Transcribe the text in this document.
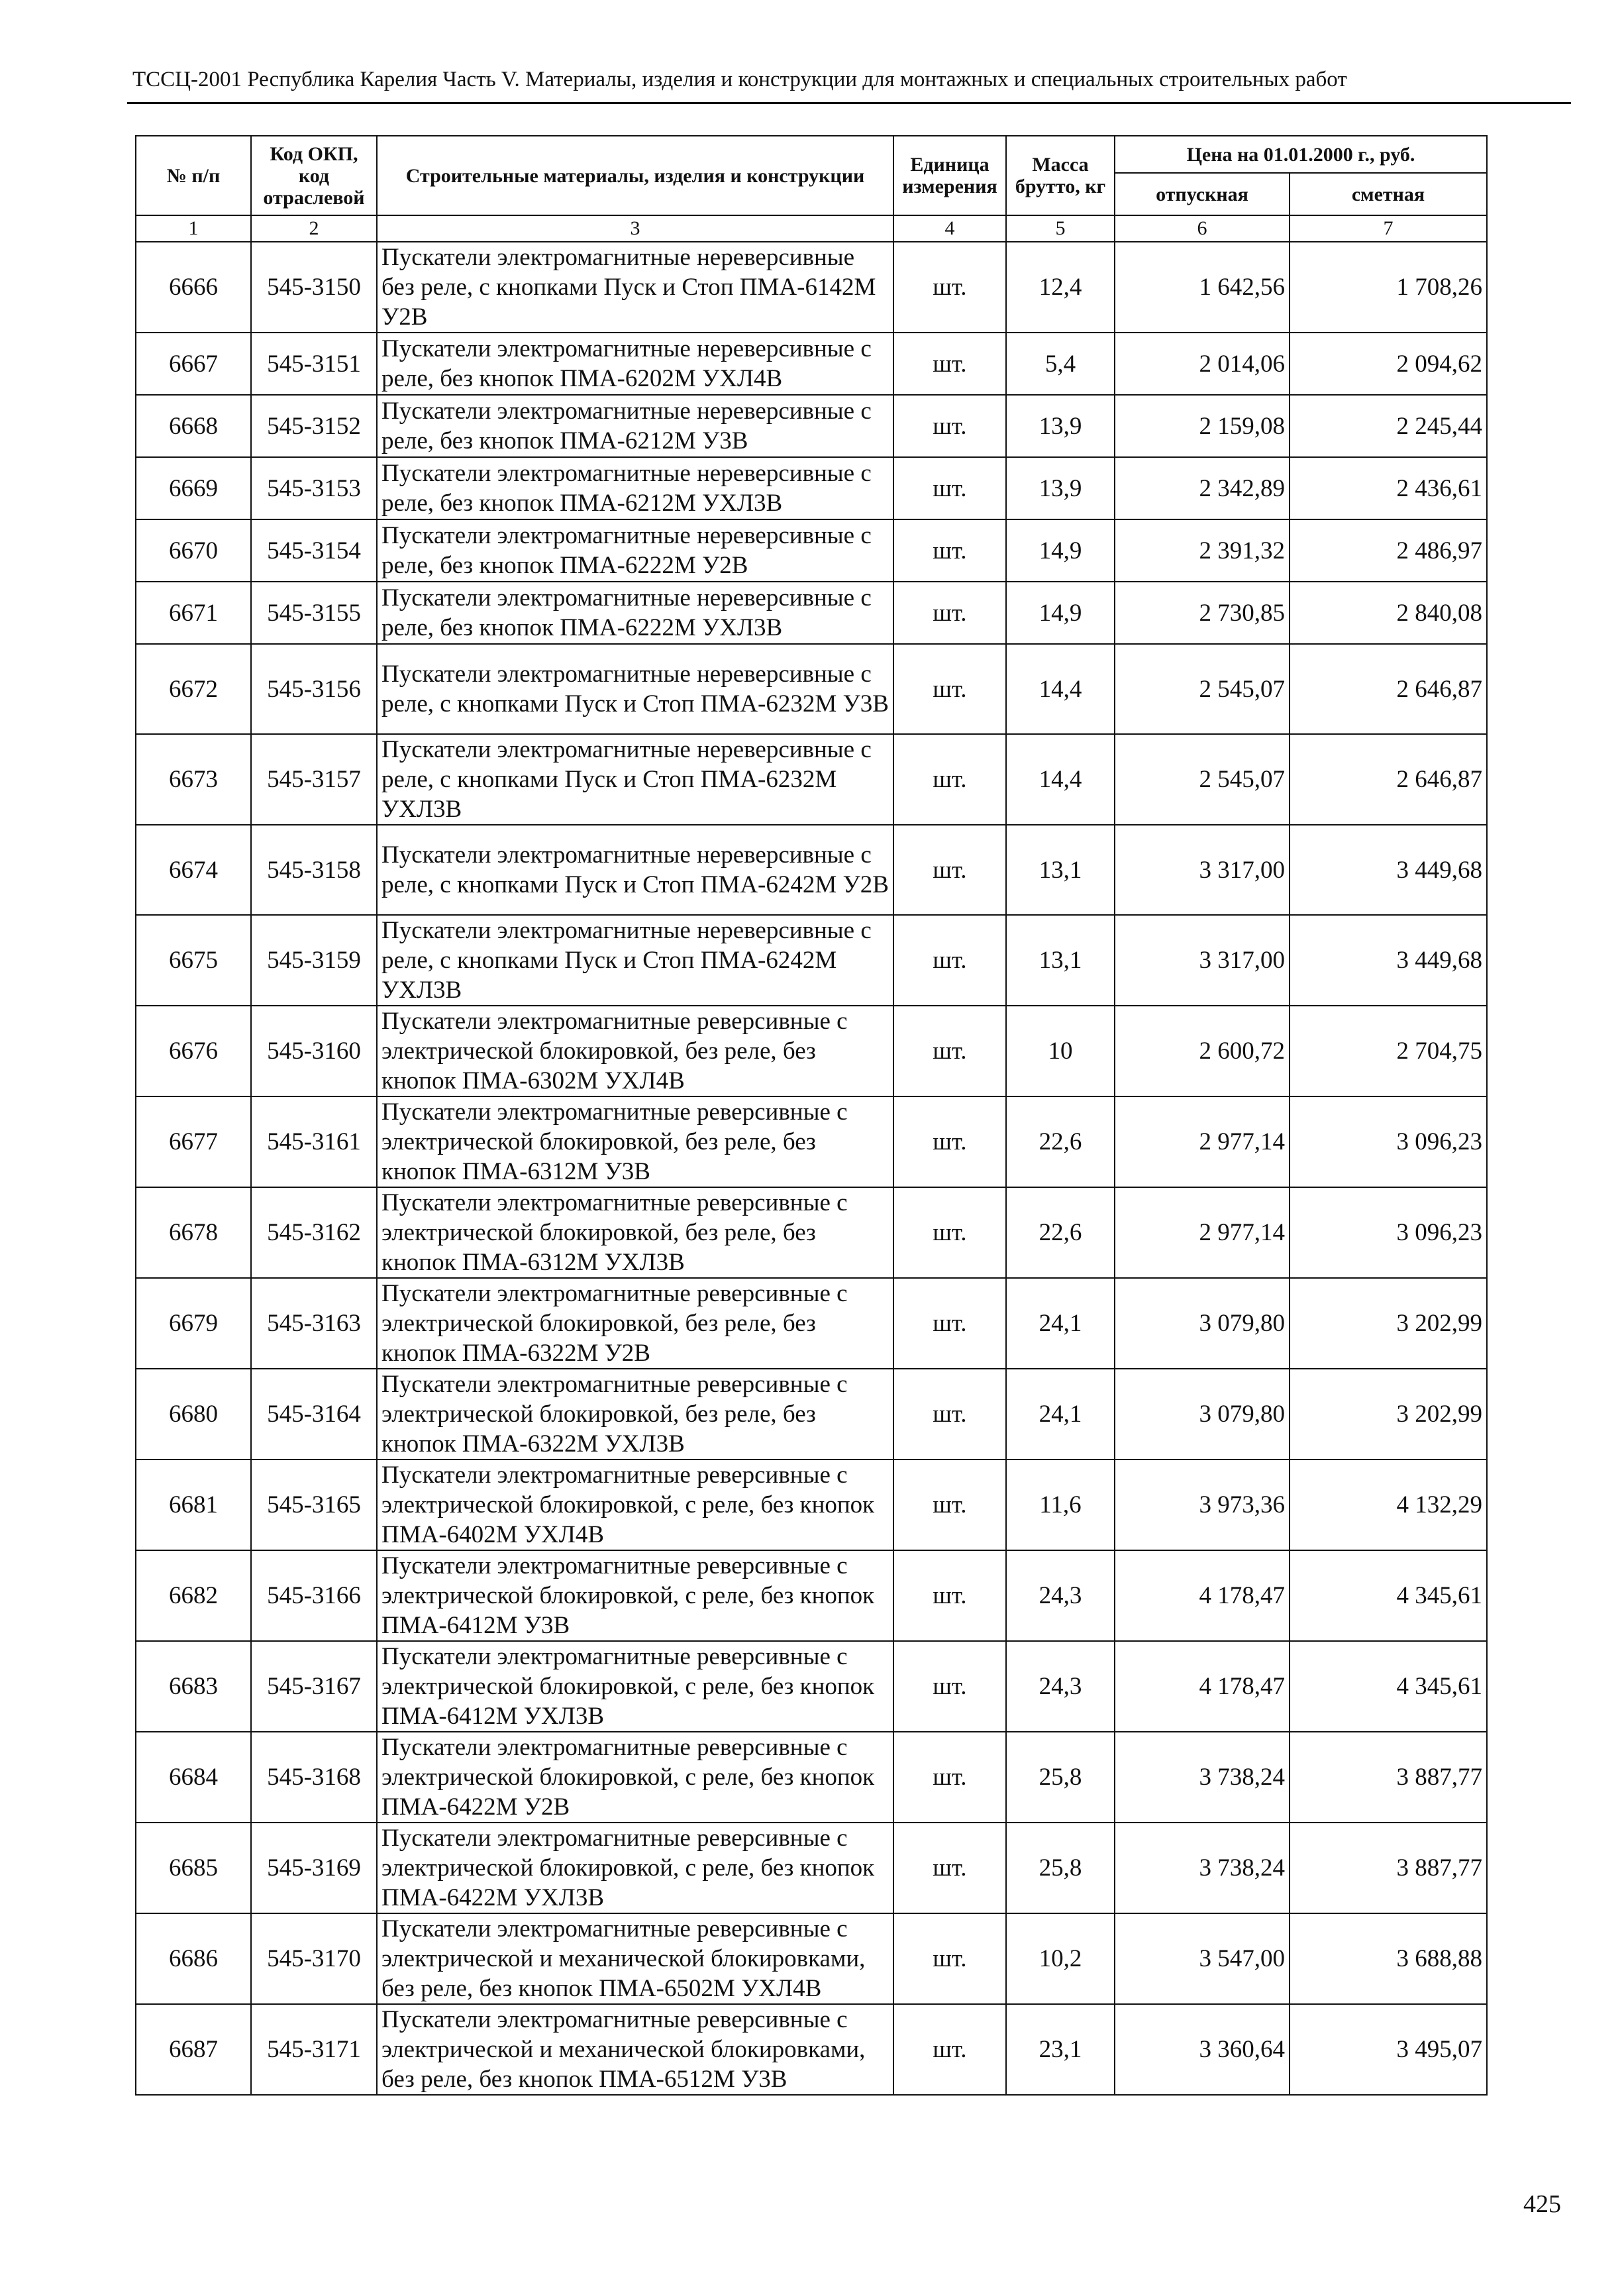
ТССЦ-2001 Республика Карелия Часть V. Материалы, изделия и конструкции для монтажных и специальных строительных работ
№ п/п	Код ОКП, код отраслевой	Строительные материалы, изделия и конструкции	Единица измерения	Масса брутто, кг	Цена на 01.01.2000 г., руб.	
					отпускная	сметная
1	2	3	4	5	6	7
6666	545-3150	Пускатели электромагнитные нереверсивные без реле, с кнопками Пуск и Стоп ПМА-6142М У2В	шт.	12,4	1 642,56	1 708,26
6667	545-3151	Пускатели электромагнитные нереверсивные с реле, без кнопок ПМА-6202М УХЛ4В	шт.	5,4	2 014,06	2 094,62
6668	545-3152	Пускатели электромагнитные нереверсивные с реле, без кнопок ПМА-6212М У3В	шт.	13,9	2 159,08	2 245,44
6669	545-3153	Пускатели электромагнитные нереверсивные с реле, без кнопок ПМА-6212М УХЛ3В	шт.	13,9	2 342,89	2 436,61
6670	545-3154	Пускатели электромагнитные нереверсивные с реле, без кнопок ПМА-6222М У2В	шт.	14,9	2 391,32	2 486,97
6671	545-3155	Пускатели электромагнитные нереверсивные с реле, без кнопок ПМА-6222М УХЛ3В	шт.	14,9	2 730,85	2 840,08
6672	545-3156	Пускатели электромагнитные нереверсивные с реле, с кнопками Пуск и Стоп ПМА-6232М У3В	шт.	14,4	2 545,07	2 646,87
6673	545-3157	Пускатели электромагнитные нереверсивные с реле, с кнопками Пуск и Стоп ПМА-6232М УХЛ3В	шт.	14,4	2 545,07	2 646,87
6674	545-3158	Пускатели электромагнитные нереверсивные с реле, с кнопками Пуск и Стоп ПМА-6242М У2В	шт.	13,1	3 317,00	3 449,68
6675	545-3159	Пускатели электромагнитные нереверсивные с реле, с кнопками Пуск и Стоп ПМА-6242М УХЛ3В	шт.	13,1	3 317,00	3 449,68
6676	545-3160	Пускатели электромагнитные реверсивные с электрической блокировкой, без реле, без кнопок ПМА-6302М УХЛ4В	шт.	10	2 600,72	2 704,75
6677	545-3161	Пускатели электромагнитные реверсивные с электрической блокировкой, без реле, без кнопок ПМА-6312М У3В	шт.	22,6	2 977,14	3 096,23
6678	545-3162	Пускатели электромагнитные реверсивные с электрической блокировкой, без реле, без кнопок ПМА-6312М УХЛ3В	шт.	22,6	2 977,14	3 096,23
6679	545-3163	Пускатели электромагнитные реверсивные с электрической блокировкой, без реле, без кнопок ПМА-6322М У2В	шт.	24,1	3 079,80	3 202,99
6680	545-3164	Пускатели электромагнитные реверсивные с электрической блокировкой, без реле, без кнопок ПМА-6322М УХЛ3В	шт.	24,1	3 079,80	3 202,99
6681	545-3165	Пускатели электромагнитные реверсивные с электрической блокировкой, с реле, без кнопок ПМА-6402М УХЛ4В	шт.	11,6	3 973,36	4 132,29
6682	545-3166	Пускатели электромагнитные реверсивные с электрической блокировкой, с реле, без кнопок ПМА-6412М У3В	шт.	24,3	4 178,47	4 345,61
6683	545-3167	Пускатели электромагнитные реверсивные с электрической блокировкой, с реле, без кнопок ПМА-6412М УХЛ3В	шт.	24,3	4 178,47	4 345,61
6684	545-3168	Пускатели электромагнитные реверсивные с электрической блокировкой, с реле, без кнопок ПМА-6422М У2В	шт.	25,8	3 738,24	3 887,77
6685	545-3169	Пускатели электромагнитные реверсивные с электрической блокировкой, с реле, без кнопок ПМА-6422М УХЛ3В	шт.	25,8	3 738,24	3 887,77
6686	545-3170	Пускатели электромагнитные реверсивные с электрической и механической блокировками, без реле, без кнопок ПМА-6502М УХЛ4В	шт.	10,2	3 547,00	3 688,88
6687	545-3171	Пускатели электромагнитные реверсивные с электрической и механической блокировками, без реле, без кнопок ПМА-6512М У3В	шт.	23,1	3 360,64	3 495,07
425
